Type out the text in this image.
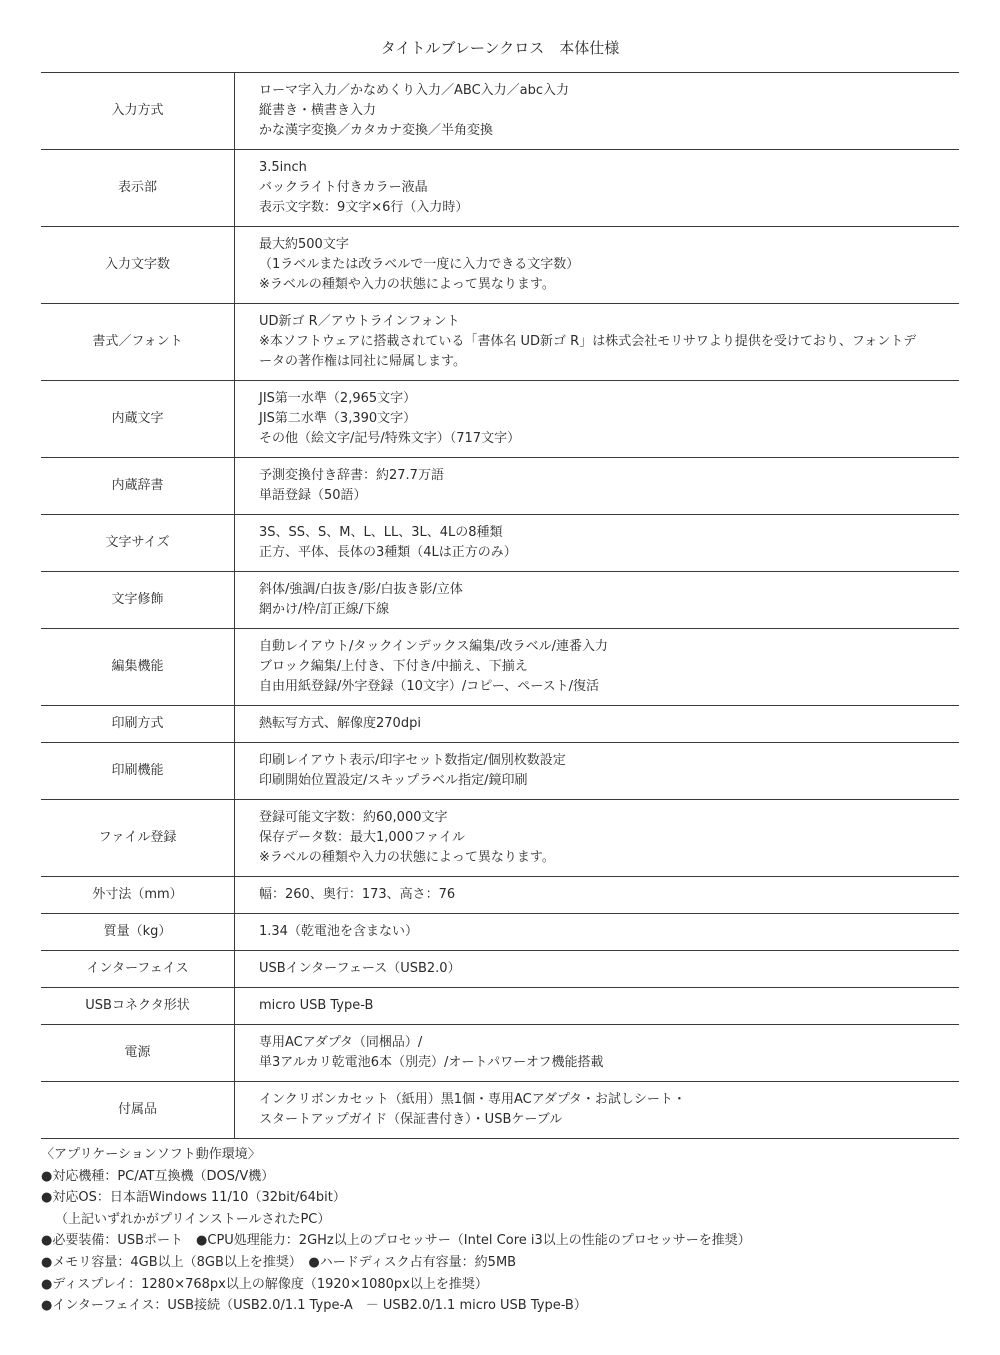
タイトルブレーンクロス　本体仕様
入力方式	ローマ字入力／かなめくり入力／ABC入力／abc入力
縦書き・横書き入力
かな漢字変換／カタカナ変換／半角変換

表示部	3.5inch
バックライト付きカラー液晶
表示文字数：9文字×6行（入力時）

入力文字数	最大約500文字
（1ラベルまたは改ラベルで一度に入力できる文字数）
※ラベルの種類や入力の状態によって異なります。

書式／フォント	UD新ゴ R／アウトラインフォント
※本ソフトウェアに搭載されている「書体名 UD新ゴ R」は株式会社モリサワより提供を受けており、フォントデ
ータの著作権は同社に帰属します。

内蔵文字	JIS第一水準（2,965文字）
JIS第二水準（3,390文字）
その他（絵文字/記号/特殊文字）（717文字）

内蔵辞書	予測変換付き辞書：約27.7万語
単語登録（50語）

文字サイズ	3S、SS、S、M、L、LL、3L、4Lの8種類
正方、平体、長体の3種類（4Lは正方のみ）

文字修飾	斜体/強調/白抜き/影/白抜き影/立体
網かけ/枠/訂正線/下線

編集機能	自動レイアウト/タックインデックス編集/改ラベル/連番入力
ブロック編集/上付き、下付き/中揃え、下揃え
自由用紙登録/外字登録（10文字）/コピー、ペースト/復活

印刷方式	熱転写方式、解像度270dpi

印刷機能	印刷レイアウト表示/印字セット数指定/個別枚数設定
印刷開始位置設定/スキップラベル指定/鏡印刷

ファイル登録	登録可能文字数：約60,000文字
保存データ数：最大1,000ファイル
※ラベルの種類や入力の状態によって異なります。

外寸法（mm）	幅：260、奥行：173、高さ：76

質量（kg）	1.34（乾電池を含まない）

インターフェイス	USBインターフェース（USB2.0）

USBコネクタ形状	micro USB Type-B

電源	専用ACアダプタ（同梱品）/
単3アルカリ乾電池6本（別売）/オートパワーオフ機能搭載

付属品	インクリボンカセット（紙用）黒1個・専用ACアダプタ・お試しシート・
スタートアップガイド（保証書付き）・USBケーブル
〈アプリケーションソフト動作環境〉
●対応機種：PC/AT互換機（DOS/V機）
●対応OS：日本語Windows 11/10（32bit/64bit）
（上記いずれかがプリインストールされたPC）
●必要装備：USBポート　●CPU処理能力：2GHz以上のプロセッサー（Intel Core i3以上の性能のプロセッサーを推奨）
●メモリ容量：4GB以上（8GB以上を推奨）　●ハードディスク占有容量：約5MB
●ディスプレイ：1280×768px以上の解像度（1920×1080px以上を推奨）
●インターフェイス：USB接続（USB2.0/1.1 Type-A　－ USB2.0/1.1 micro USB Type-B）
